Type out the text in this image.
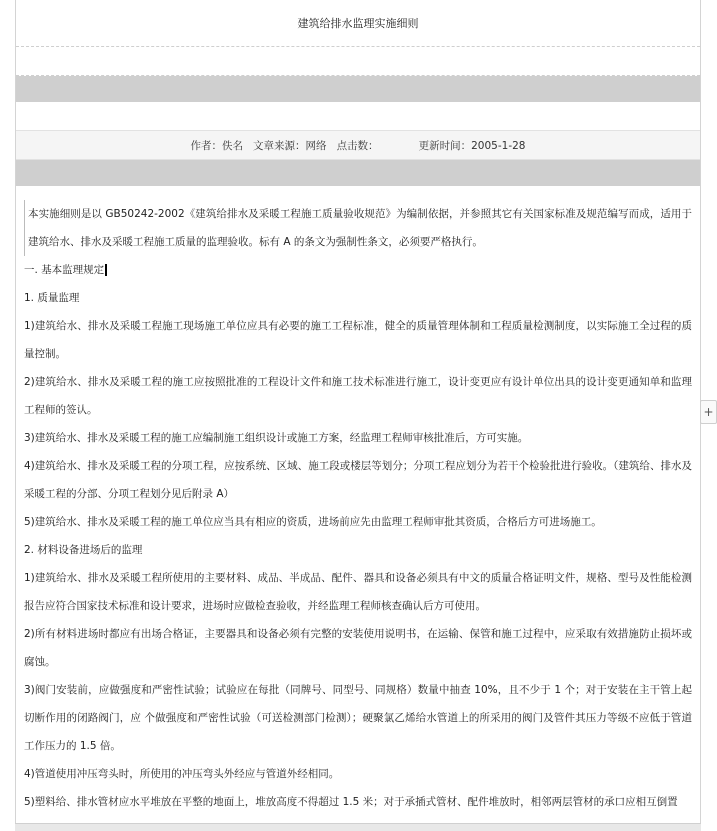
建筑给排水监理实施细则
作者：佚名
文章来源：网络
点击数：
	更新时间：2005-1-28

本实施细则是以 GB50242-2002《建筑给排水及采暖工程施工质量验收规范》为编制依据，并参照其它有关国家标准及规范编写而成，适用于建筑给水、排水及采暖工程施工质量的监理验收。标有 A 的条文为强制性条文，必须要严格执行。

一. 基本监理规定

1. 质量监理

1)建筑给水、排水及采暖工程施工现场施工单位应具有必要的施工工程标准，健全的质量管理体制和工程质量检测制度，以实际施工全过程的质量控制。

2)建筑给水、排水及采暖工程的施工应按照批准的工程设计文件和施工技术标准进行施工，设计变更应有设计单位出具的设计变更通知单和监理工程师的签认。

3)建筑给水、排水及采暖工程的施工应编制施工组织设计或施工方案，经监理工程师审核批准后，方可实施。

4)建筑给水、排水及采暖工程的分项工程，应按系统、区域、施工段或楼层等划分；分项工程应划分为若干个检验批进行验收。（建筑给、排水及采暖工程的分部、分项工程划分见后附录 A）

5)建筑给水、排水及采暖工程的施工单位应当具有相应的资质，进场前应先由监理工程师审批其资质，合格后方可进场施工。

2. 材料设备进场后的监理

1)建筑给水、排水及采暖工程所使用的主要材料、成品、半成品、配件、器具和设备必须具有中文的质量合格证明文件，规格、型号及性能检测报告应符合国家技术标准和设计要求，进场时应做检查验收，并经监理工程师核查确认后方可使用。

2)所有材料进场时都应有出场合格证，主要器具和设备必须有完整的安装使用说明书，在运输、保管和施工过程中，应采取有效措施防止损坏或腐蚀。

3)阀门安装前，应做强度和严密性试验；试验应在每批（同牌号、同型号、同规格）数量中抽查 10%，且不少于 1 个；对于安装在主干管上起切断作用的闭路阀门，应 个做强度和严密性试验（可送检测部门检测）；硬聚氯乙烯给水管道上的所采用的阀门及管件其压力等级不应低于管道工作压力的 1.5 倍。

4)管道使用冲压弯头时，所使用的冲压弯头外经应与管道外经相同。

5)塑料给、排水管材应水平堆放在平整的地面上，堆放高度不得超过 1.5 米；对于承插式管材、配件堆放时，相邻两层管材的承口应相互倒置

+
